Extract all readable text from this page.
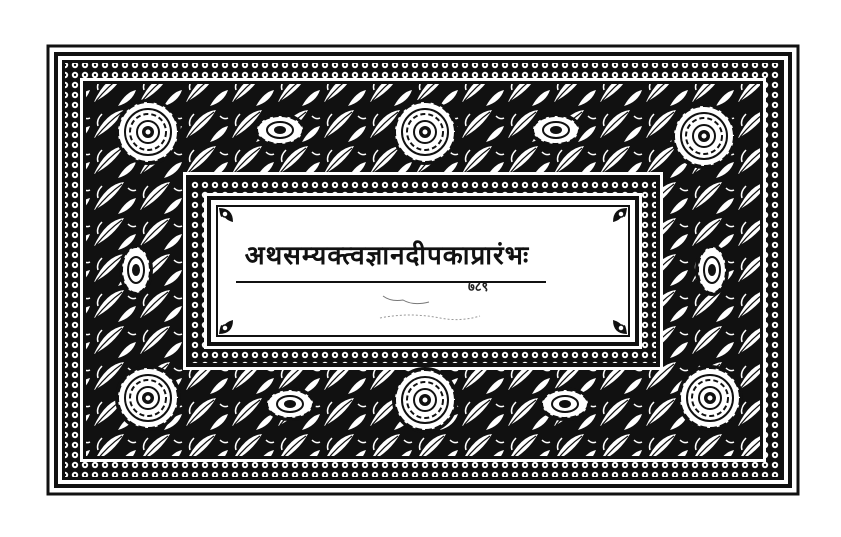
अथसम्यक्त्वज्ञानदीपकाप्रारंभः
७८९
